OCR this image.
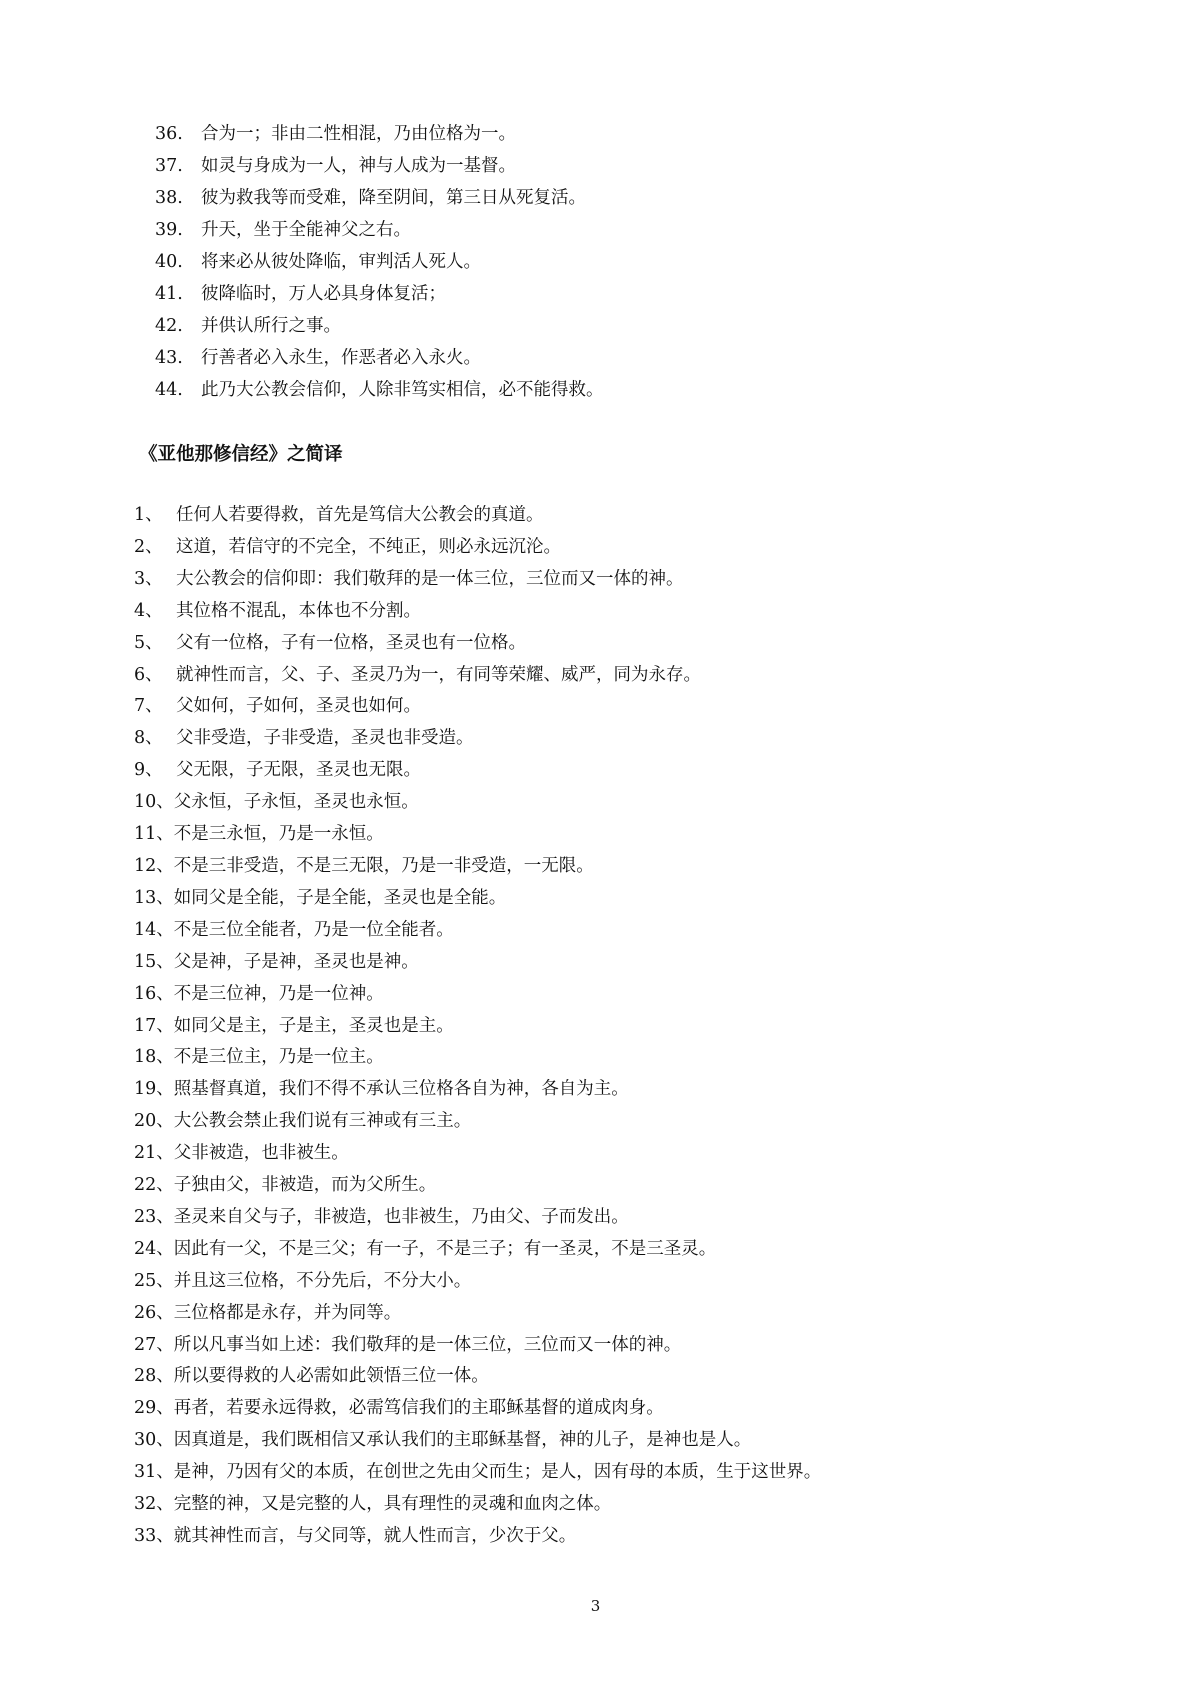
36. 合为一；非由二性相混，乃由位格为一。
37. 如灵与身成为一人，神与人成为一基督。
38. 彼为救我等而受难，降至阴间，第三日从死复活。
39. 升天，坐于全能神父之右。
40. 将来必从彼处降临，审判活人死人。
41. 彼降临时，万人必具身体复活；
42. 并供认所行之事。
43. 行善者必入永生，作恶者必入永火。
44. 此乃大公教会信仰，人除非笃实相信，必不能得救。
《亚他那修信经》之简译
1、 任何人若要得救，首先是笃信大公教会的真道。
2、 这道，若信守的不完全，不纯正，则必永远沉沦。
3、 大公教会的信仰即：我们敬拜的是一体三位，三位而又一体的神。
4、 其位格不混乱，本体也不分割。
5、 父有一位格，子有一位格，圣灵也有一位格。
6、 就神性而言，父、子、圣灵乃为一，有同等荣耀、威严，同为永存。
7、 父如何，子如何，圣灵也如何。
8、 父非受造，子非受造，圣灵也非受造。
9、 父无限，子无限，圣灵也无限。
10、父永恒，子永恒，圣灵也永恒。
11、不是三永恒，乃是一永恒。
12、不是三非受造，不是三无限，乃是一非受造，一无限。
13、如同父是全能，子是全能，圣灵也是全能。
14、不是三位全能者，乃是一位全能者。
15、父是神，子是神，圣灵也是神。
16、不是三位神，乃是一位神。
17、如同父是主，子是主，圣灵也是主。
18、不是三位主，乃是一位主。
19、照基督真道，我们不得不承认三位格各自为神，各自为主。
20、大公教会禁止我们说有三神或有三主。
21、父非被造，也非被生。
22、子独由父，非被造，而为父所生。
23、圣灵来自父与子，非被造，也非被生，乃由父、子而发出。
24、因此有一父，不是三父；有一子，不是三子；有一圣灵，不是三圣灵。
25、并且这三位格，不分先后，不分大小。
26、三位格都是永存，并为同等。
27、所以凡事当如上述：我们敬拜的是一体三位，三位而又一体的神。
28、所以要得救的人必需如此领悟三位一体。
29、再者，若要永远得救，必需笃信我们的主耶稣基督的道成肉身。
30、因真道是，我们既相信又承认我们的主耶稣基督，神的儿子，是神也是人。
31、是神，乃因有父的本质，在创世之先由父而生；是人，因有母的本质，生于这世界。
32、完整的神，又是完整的人，具有理性的灵魂和血肉之体。
33、就其神性而言，与父同等，就人性而言，少次于父。
3
